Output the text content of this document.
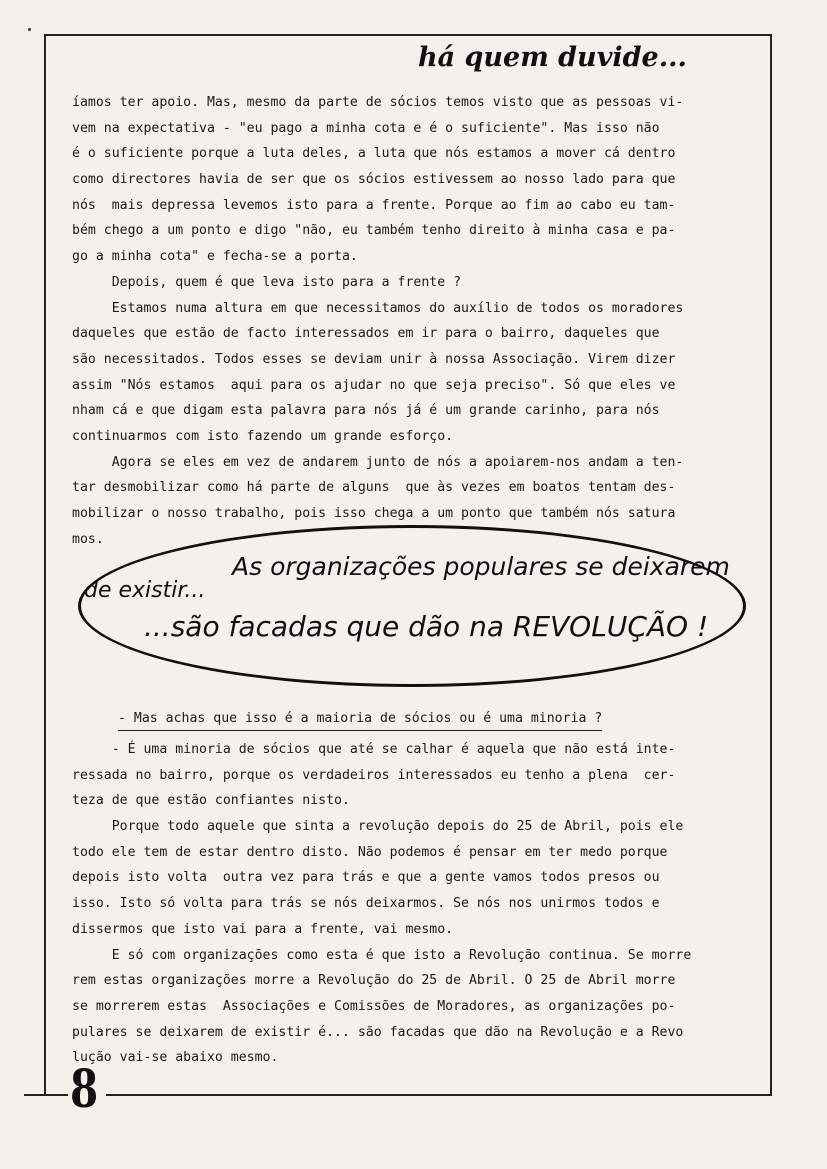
há quem duvide...
íamos ter apoio. Mas, mesmo da parte de sócios temos visto que as pessoas vi-
vem na expectativa - "eu pago a minha cota e é o suficiente". Mas isso não
é o suficiente porque a luta deles, a luta que nós estamos a mover cá dentro
como directores havia de ser que os sócios estivessem ao nosso lado para que
nós  mais depressa levemos isto para a frente. Porque ao fim ao cabo eu tam-
bém chego a um ponto e digo "não, eu também tenho direito à minha casa e pa-
go a minha cota" e fecha-se a porta.
Depois, quem é que leva isto para a frente ?
Estamos numa altura em que necessitamos do auxílio de todos os moradores
daqueles que estão de facto interessados em ir para o bairro, daqueles que
são necessitados. Todos esses se deviam unir à nossa Associação. Virem dizer
assim "Nós estamos  aqui para os ajudar no que seja preciso". Só que eles ve
nham cá e que digam esta palavra para nós já é um grande carinho, para nós
continuarmos com isto fazendo um grande esforço.
Agora se eles em vez de andarem junto de nós a apoiarem-nos andam a ten-
tar desmobilizar como há parte de alguns  que às vezes em boatos tentam des-
mobilizar o nosso trabalho, pois isso chega a um ponto que também nós satura
mos.
As organizações populares se deixarem
de existir...
...são facadas que dão na REVOLUÇÃO !
- Mas achas que isso é a maioria de sócios ou é uma minoria ?
- É uma minoria de sócios que até se calhar é aquela que não está inte-
ressada no bairro, porque os verdadeiros interessados eu tenho a plena  cer-
teza de que estão confiantes nisto.
Porque todo aquele que sinta a revolução depois do 25 de Abril, pois ele
todo ele tem de estar dentro disto. Não podemos é pensar em ter medo porque
depois isto volta  outra vez para trás e que a gente vamos todos presos ou
isso. Isto só volta para trás se nós deixarmos. Se nós nos unirmos todos e
dissermos que isto vai para a frente, vai mesmo.
E só com organizações como esta é que isto a Revolução continua. Se morre
rem estas organizações morre a Revolução do 25 de Abril. O 25 de Abril morre
se morrerem estas  Associações e Comissões de Moradores, as organizações po-
pulares se deixarem de existir é... são facadas que dão na Revolução e a Revo
lução vai-se abaixo mesmo.
8
